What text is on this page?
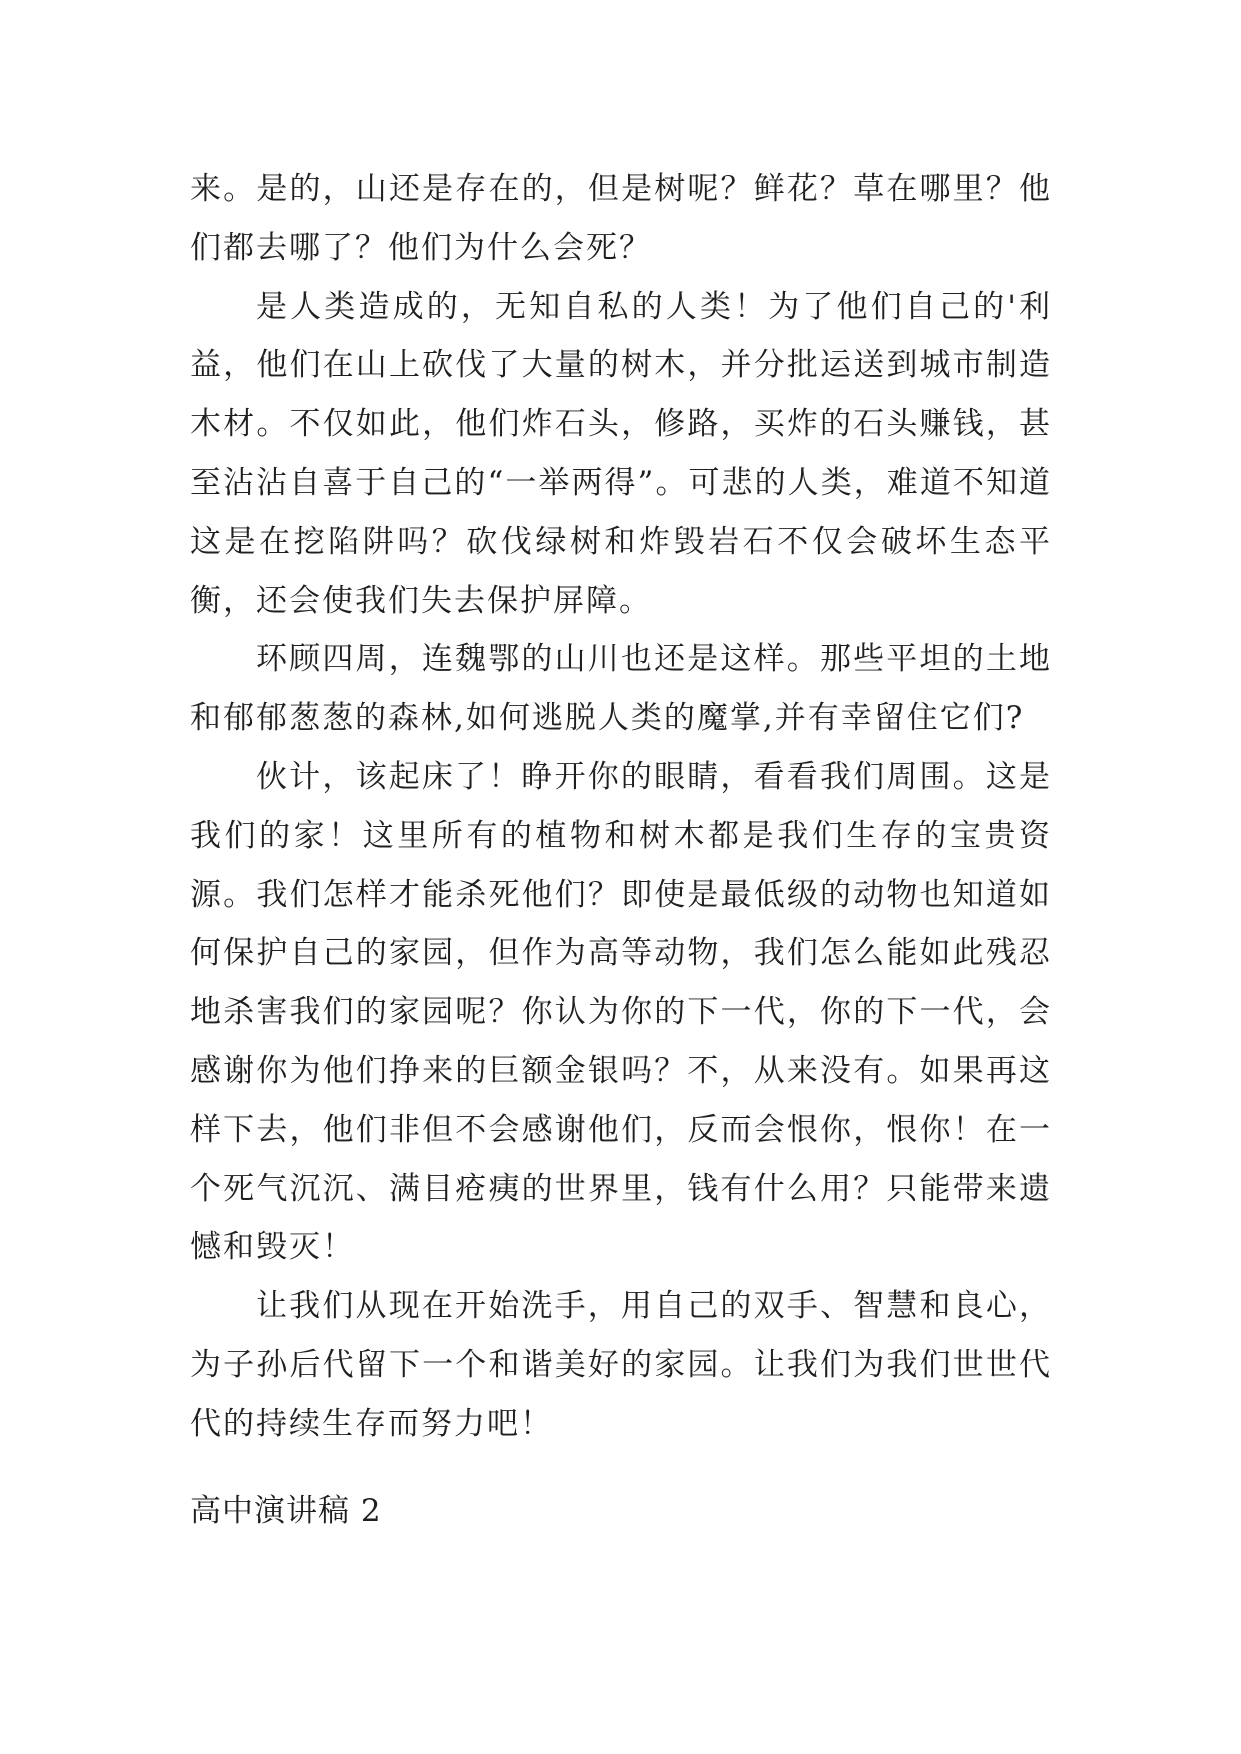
来。是的，山还是存在的，但是树呢？鲜花？草在哪里？他们都去哪了？他们为什么会死？

是人类造成的，无知自私的人类！为了他们自己的'利益，他们在山上砍伐了大量的树木，并分批运送到城市制造木材。不仅如此，他们炸石头，修路，买炸的石头赚钱，甚至沾沾自喜于自己的“一举两得”。可悲的人类，难道不知道这是在挖陷阱吗？砍伐绿树和炸毁岩石不仅会破坏生态平衡，还会使我们失去保护屏障。

环顾四周，连魏鄂的山川也还是这样。那些平坦的土地和郁郁葱葱的森林,如何逃脱人类的魔掌,并有幸留住它们?

伙计，该起床了！睁开你的眼睛，看看我们周围。这是我们的家！这里所有的植物和树木都是我们生存的宝贵资源。我们怎样才能杀死他们？即使是最低级的动物也知道如何保护自己的家园，但作为高等动物，我们怎么能如此残忍地杀害我们的家园呢？你认为你的下一代，你的下一代，会感谢你为他们挣来的巨额金银吗？不，从来没有。如果再这样下去，他们非但不会感谢他们，反而会恨你，恨你！在一个死气沉沉、满目疮痍的世界里，钱有什么用？只能带来遗憾和毁灭！

让我们从现在开始洗手，用自己的双手、智慧和良心，为子孙后代留下一个和谐美好的家园。让我们为我们世世代代的持续生存而努力吧！

高中演讲稿 2
